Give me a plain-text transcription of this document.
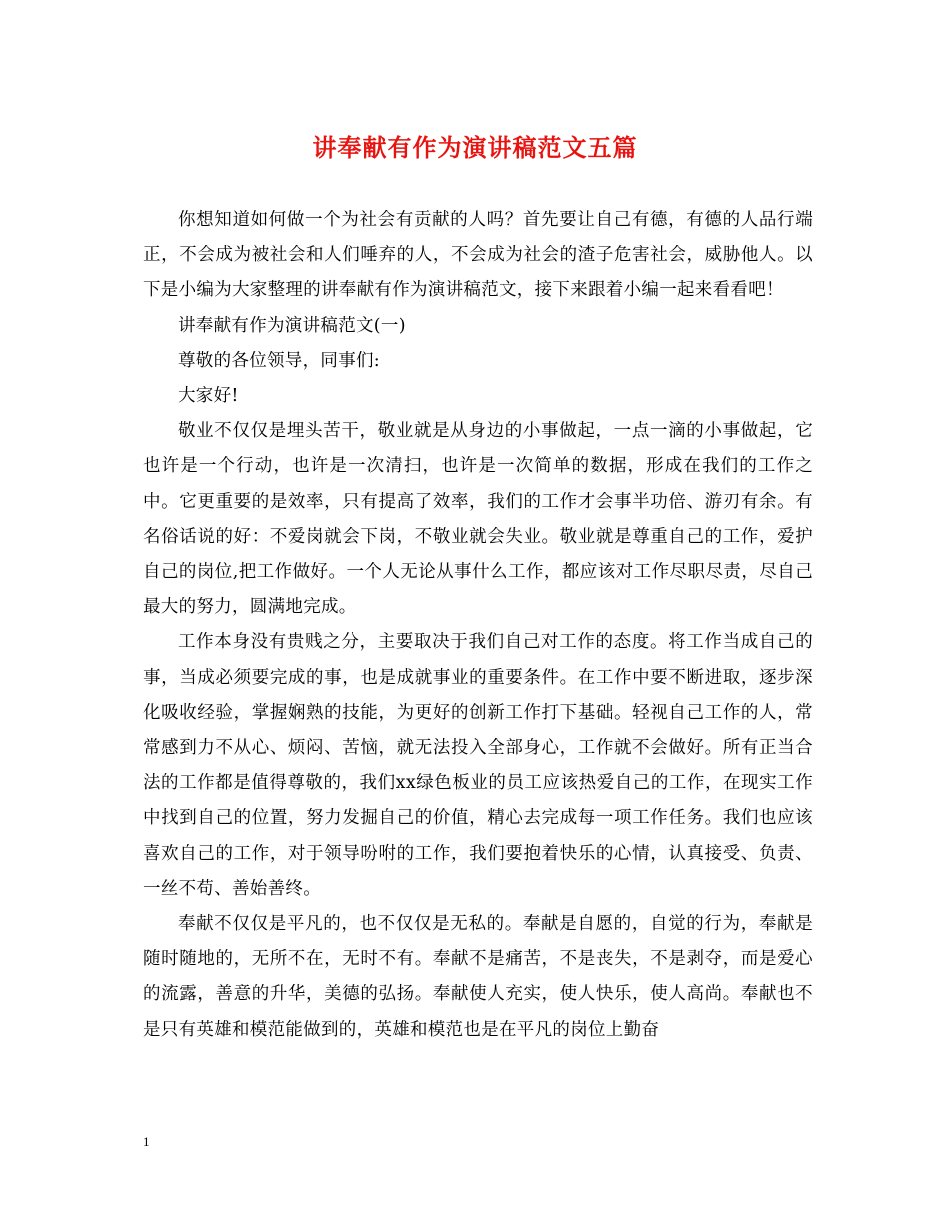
讲奉献有作为演讲稿范文五篇

你想知道如何做一个为社会有贡献的人吗？首先要让自己有德，有德的人品行端正，不会成为被社会和人们唾弃的人，不会成为社会的渣子危害社会，威胁他人。以下是小编为大家整理的讲奉献有作为演讲稿范文，接下来跟着小编一起来看看吧！

讲奉献有作为演讲稿范文(一)

尊敬的各位领导，同事们:

大家好!

敬业不仅仅是埋头苦干，敬业就是从身边的小事做起，一点一滴的小事做起，它也许是一个行动，也许是一次清扫，也许是一次简单的数据，形成在我们的工作之中。它更重要的是效率，只有提高了效率，我们的工作才会事半功倍、游刃有余。有名俗话说的好：不爱岗就会下岗，不敬业就会失业。敬业就是尊重自己的工作，爱护自己的岗位,把工作做好。一个人无论从事什么工作，都应该对工作尽职尽责，尽自己最大的努力，圆满地完成。

工作本身没有贵贱之分，主要取决于我们自己对工作的态度。将工作当成自己的事，当成必须要完成的事，也是成就事业的重要条件。在工作中要不断进取，逐步深化吸收经验，掌握娴熟的技能，为更好的创新工作打下基础。轻视自己工作的人，常常感到力不从心、烦闷、苦恼，就无法投入全部身心，工作就不会做好。所有正当合法的工作都是值得尊敬的，我们xx绿色板业的员工应该热爱自己的工作，在现实工作中找到自己的位置，努力发掘自己的价值，精心去完成每一项工作任务。我们也应该喜欢自己的工作，对于领导吩咐的工作，我们要抱着快乐的心情，认真接受、负责、一丝不苟、善始善终。

奉献不仅仅是平凡的，也不仅仅是无私的。奉献是自愿的，自觉的行为，奉献是随时随地的，无所不在，无时不有。奉献不是痛苦，不是丧失，不是剥夺，而是爱心的流露，善意的升华，美德的弘扬。奉献使人充实，使人快乐，使人高尚。奉献也不是只有英雄和模范能做到的，英雄和模范也是在平凡的岗位上勤奋

1
